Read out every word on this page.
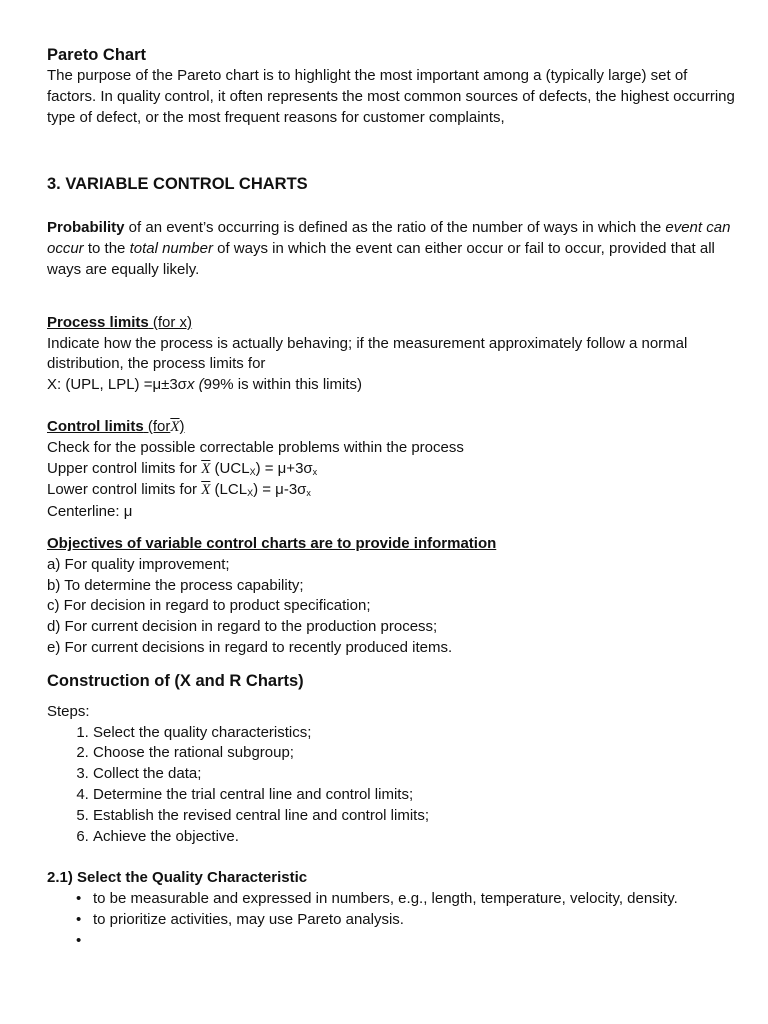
Pareto Chart

The purpose of the Pareto chart is to highlight the most important among a (typically large) set of factors. In quality control, it often represents the most common sources of defects, the highest occurring type of defect, or the most frequent reasons for customer complaints,

3. VARIABLE CONTROL CHARTS

Probability of an event’s occurring is defined as the ratio of the number of ways in which the event can occur to the total number of ways in which the event can either occur or fail to occur, provided that all ways are equally likely.

Process limits (for x)

Indicate how the process is actually behaving; if the measurement approximately follow a normal distribution, the process limits for

X: (UPL, LPL) =μ±3σx (99% is within this limits)

Control limits $(for\overline{X})$

Check for the possible correctable problems within the process

Upper control limits for $\overline{X}$ (UCLX) = μ+3σx

Lower control limits for $\overline{X}$ (LCLX) = μ-3σx

Centerline: μ

Objectives of variable control charts are to provide information

a) For quality improvement;

b) To determine the process capability;

c) For decision in regard to product specification;

d) For current decision in regard to the production process;

e) For current decisions in regard to recently produced items.

Construction of (X and R Charts)

Steps:

1. Select the quality characteristics;
2. Choose the rational subgroup;
3. Collect the data;
4. Determine the trial central line and control limits;
5. Establish the revised central line and control limits;
6. Achieve the objective.

2.1) Select the Quality Characteristic

• to be measurable and expressed in numbers, e.g., length, temperature, velocity, density.
• to prioritize activities, may use Pareto analysis.
•
